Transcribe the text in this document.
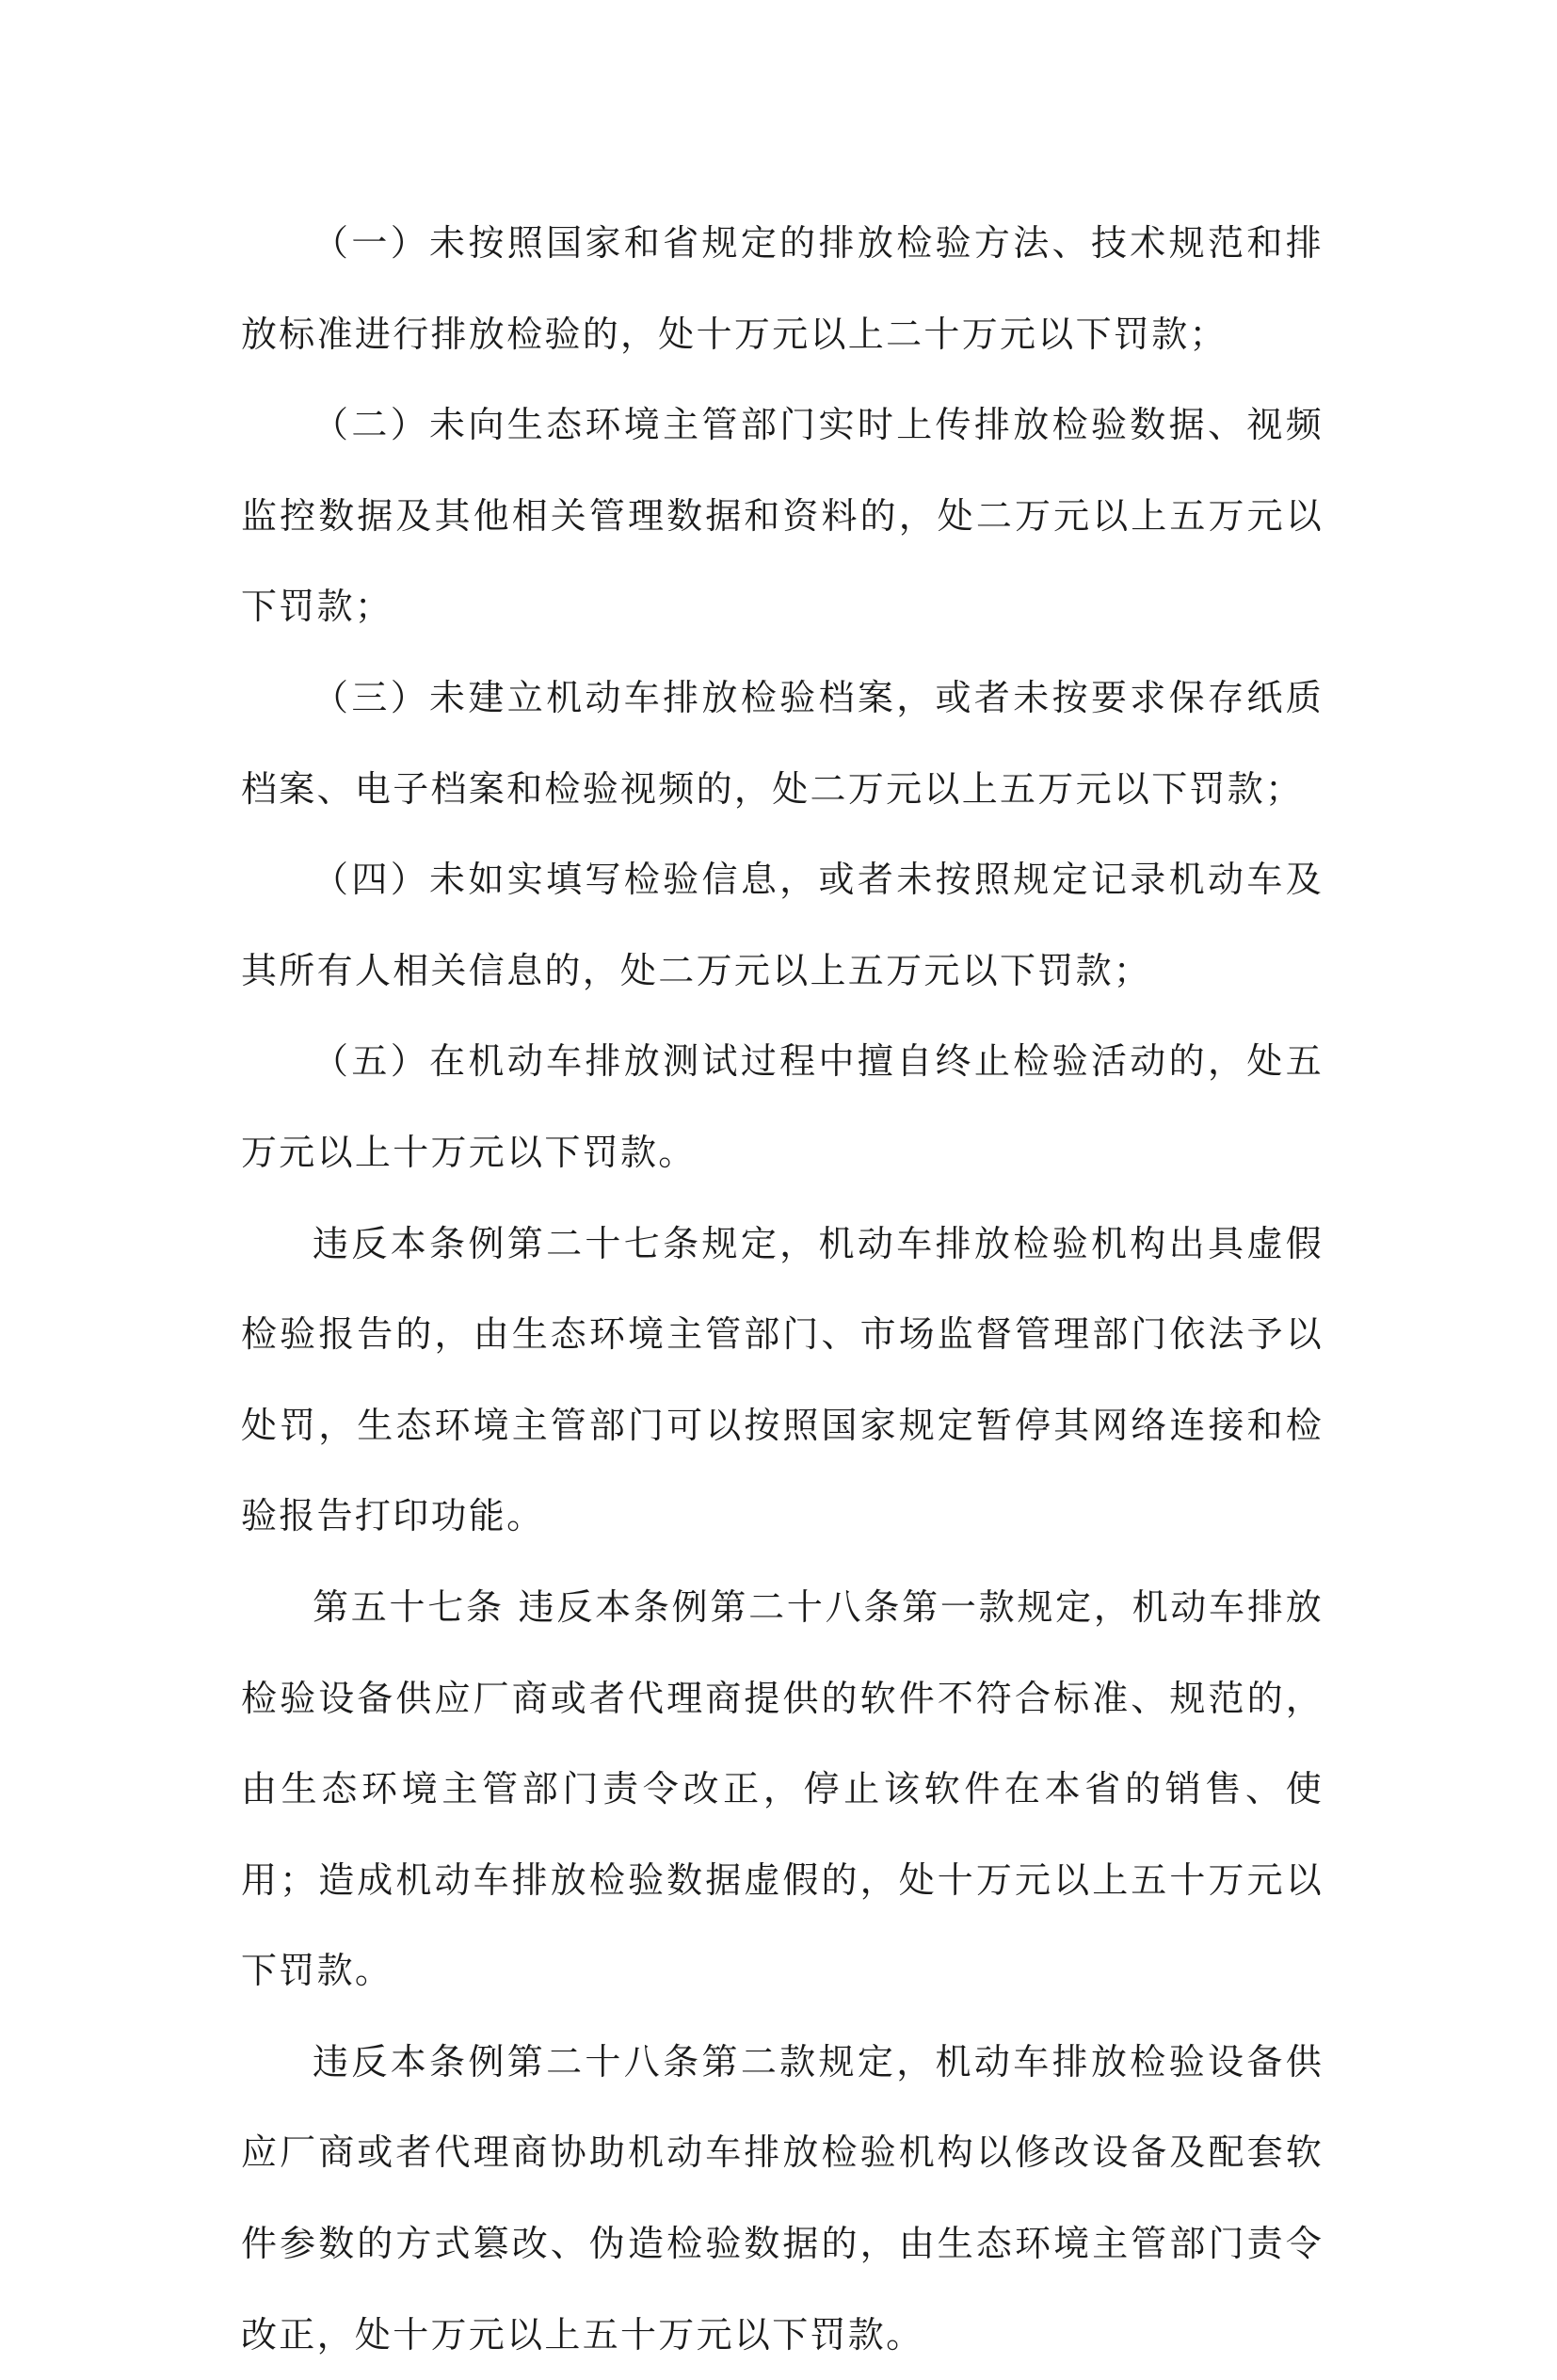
（一）未按照国家和省规定的排放检验方法、技术规范和排放标准进行排放检验的，处十万元以上二十万元以下罚款；

（二）未向生态环境主管部门实时上传排放检验数据、视频监控数据及其他相关管理数据和资料的，处二万元以上五万元以下罚款；

（三）未建立机动车排放检验档案，或者未按要求保存纸质档案、电子档案和检验视频的，处二万元以上五万元以下罚款；

（四）未如实填写检验信息，或者未按照规定记录机动车及其所有人相关信息的，处二万元以上五万元以下罚款；

（五）在机动车排放测试过程中擅自终止检验活动的，处五万元以上十万元以下罚款。

违反本条例第二十七条规定，机动车排放检验机构出具虚假检验报告的，由生态环境主管部门、市场监督管理部门依法予以处罚，生态环境主管部门可以按照国家规定暂停其网络连接和检验报告打印功能。

第五十七条 违反本条例第二十八条第一款规定，机动车排放检验设备供应厂商或者代理商提供的软件不符合标准、规范的，由生态环境主管部门责令改正，停止该软件在本省的销售、使用；造成机动车排放检验数据虚假的，处十万元以上五十万元以下罚款。

违反本条例第二十八条第二款规定，机动车排放检验设备供应厂商或者代理商协助机动车排放检验机构以修改设备及配套软件参数的方式篡改、伪造检验数据的，由生态环境主管部门责令改正，处十万元以上五十万元以下罚款。
